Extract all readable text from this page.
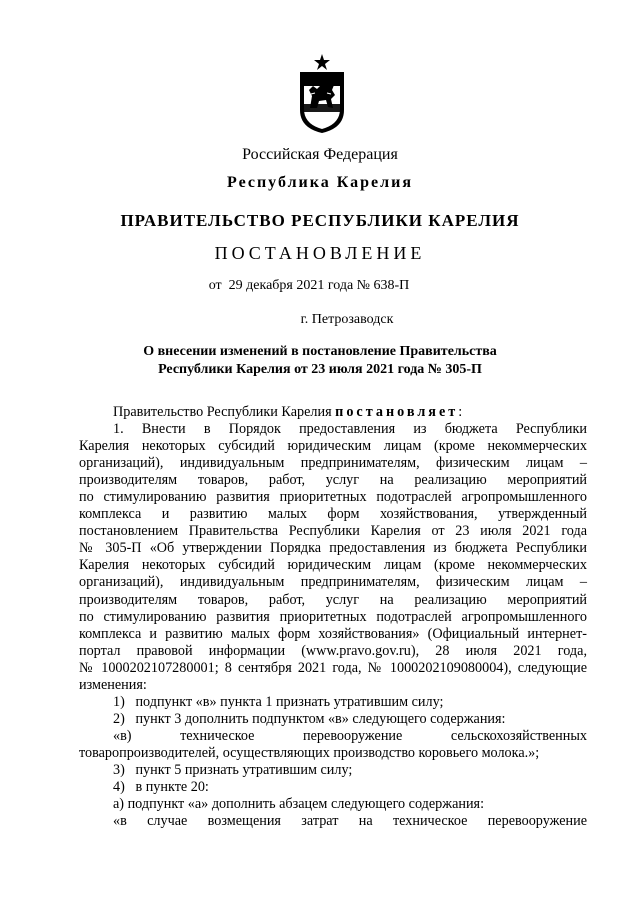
Российская Федерация
Республика Карелия
ПРАВИТЕЛЬСТВО РЕСПУБЛИКИ КАРЕЛИЯ
ПОСТАНОВЛЕНИЕ
от  29 декабря 2021 года № 638-П
г. Петрозаводск
О внесении изменений в постановление Правительства
Республики Карелия от 23 июля 2021 года № 305-П

Правительство Республики Карелия постановляет:

1. Внести в Порядок предоставления из бюджета Республики

Карелия некоторых субсидий юридическим лицам (кроме некоммерческих

организаций), индивидуальным предпринимателям, физическим лицам –

производителям товаров, работ, услуг на реализацию мероприятий

по стимулированию развития приоритетных подотраслей агропромышленного

комплекса и развитию малых форм хозяйствования, утвержденный

постановлением Правительства Республики Карелия от 23 июля 2021 года

№ 305-П «Об утверждении Порядка предоставления из бюджета Республики

Карелия некоторых субсидий юридическим лицам (кроме некоммерческих

организаций), индивидуальным предпринимателям, физическим лицам –

производителям товаров, работ, услуг на реализацию мероприятий

по стимулированию развития приоритетных подотраслей агропромышленного

комплекса и развитию малых форм хозяйствования» (Официальный интернет-

портал правовой информации (www.pravo.gov.ru), 28 июля 2021 года,

№ 1000202107280001; 8 сентября 2021 года, № 1000202109080004), следующие

изменения:

1)   подпункт «в» пункта 1 признать утратившим силу;

2)   пункт 3 дополнить подпунктом «в» следующего содержания:

«в) техническое перевооружение сельскохозяйственных

товаропроизводителей, осуществляющих производство коровьего молока.»;

3)   пункт 5 признать утратившим силу;

4)   в пункте 20:

а) подпункт «а» дополнить абзацем следующего содержания:

«в случае возмещения затрат на техническое перевооружение
